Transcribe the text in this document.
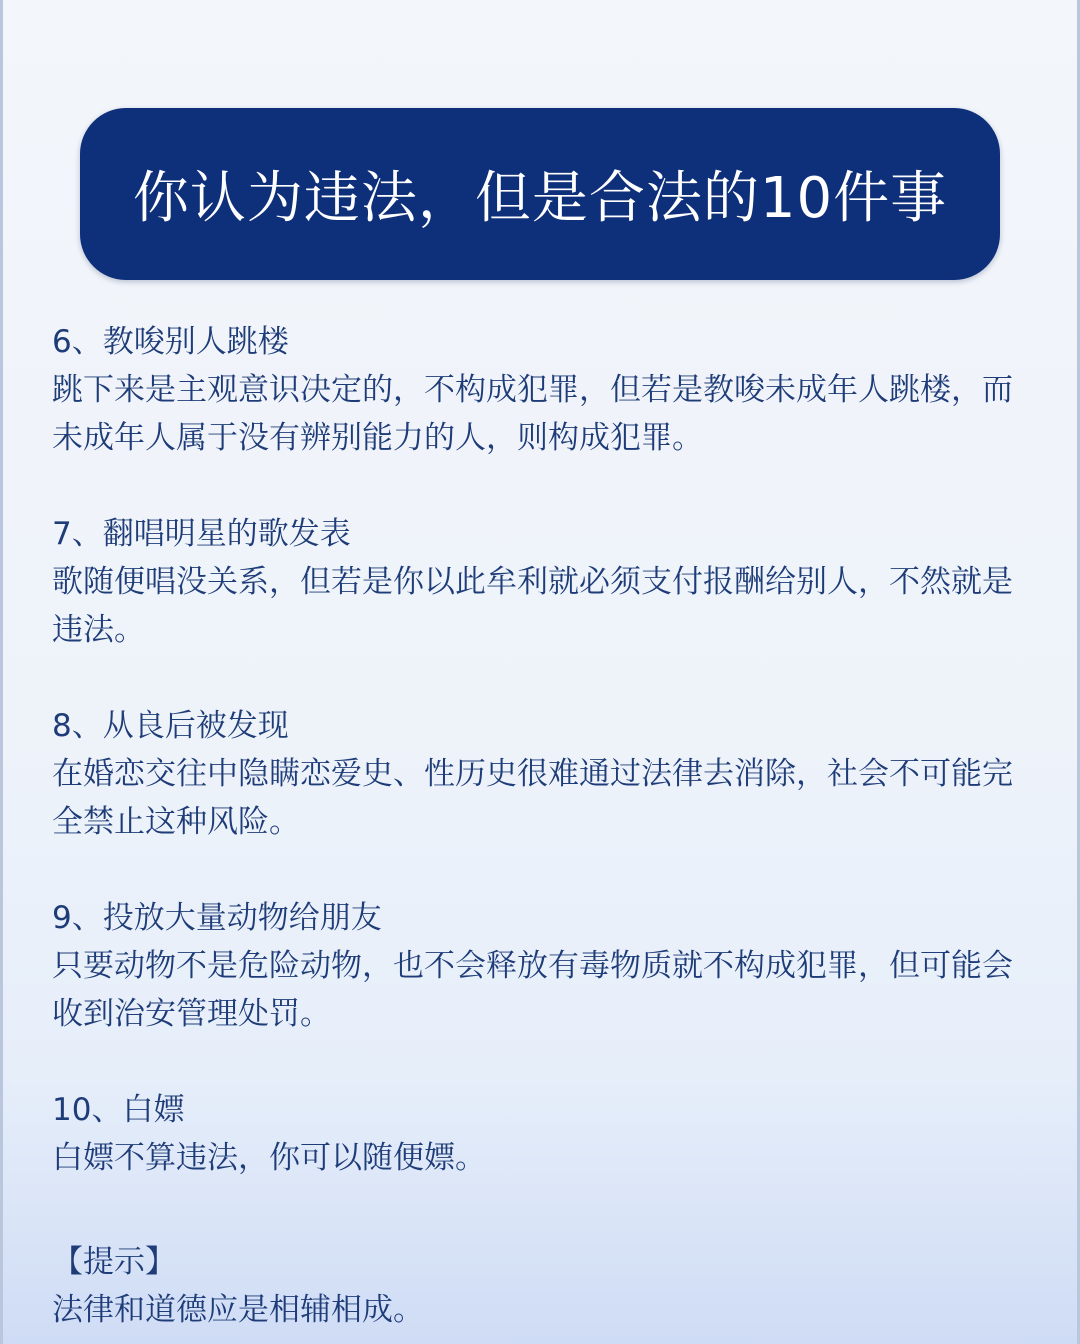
你认为违法，但是合法的10件事
6、教唆别人跳楼
跳下来是主观意识决定的，不构成犯罪，但若是教唆未成年人跳楼，而未成年人属于没有辨别能力的人，则构成犯罪。
7、翻唱明星的歌发表
歌随便唱没关系，但若是你以此牟利就必须支付报酬给别人，不然就是违法。
8、从良后被发现
在婚恋交往中隐瞒恋爱史、性历史很难通过法律去消除，社会不可能完全禁止这种风险。
9、投放大量动物给朋友
只要动物不是危险动物，也不会释放有毒物质就不构成犯罪，但可能会收到治安管理处罚。
10、白嫖
白嫖不算违法，你可以随便嫖。
【提示】
法律和道德应是相辅相成。
